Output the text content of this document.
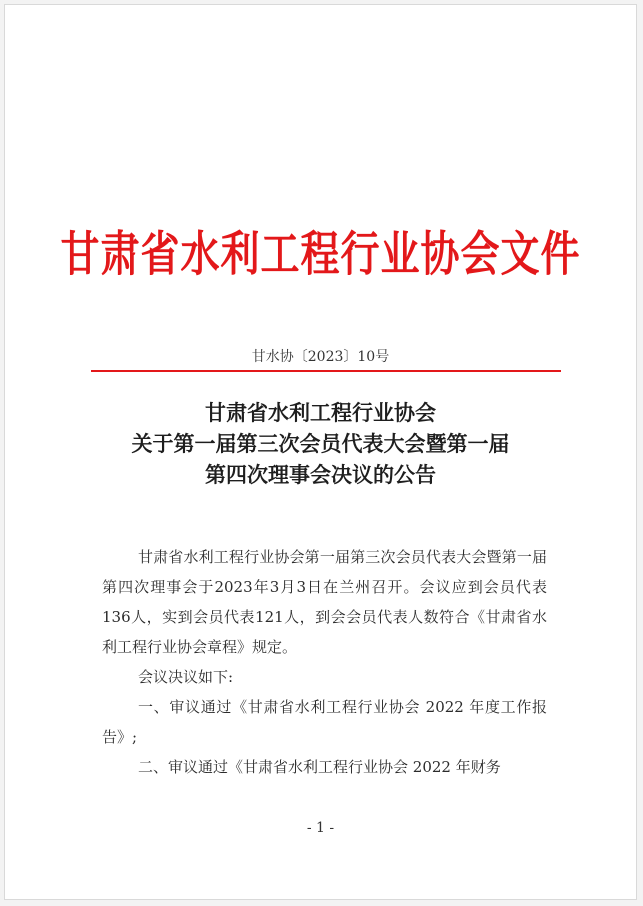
甘肃省水利工程行业协会文件
甘水协〔2023〕10号
甘肃省水利工程行业协会
关于第一届第三次会员代表大会暨第一届
第四次理事会决议的公告

甘肃省水利工程行业协会第一届第三次会员代表大会暨第一届第四次理事会于2023年3月3日在兰州召开。会议应到会员代表136人，实到会员代表121人，到会会员代表人数符合《甘肃省水利工程行业协会章程》规定。

会议决议如下:

一、审议通过《甘肃省水利工程行业协会 2022 年度工作报告》;

二、审议通过《甘肃省水利工程行业协会 2022 年财务

- 1 -
